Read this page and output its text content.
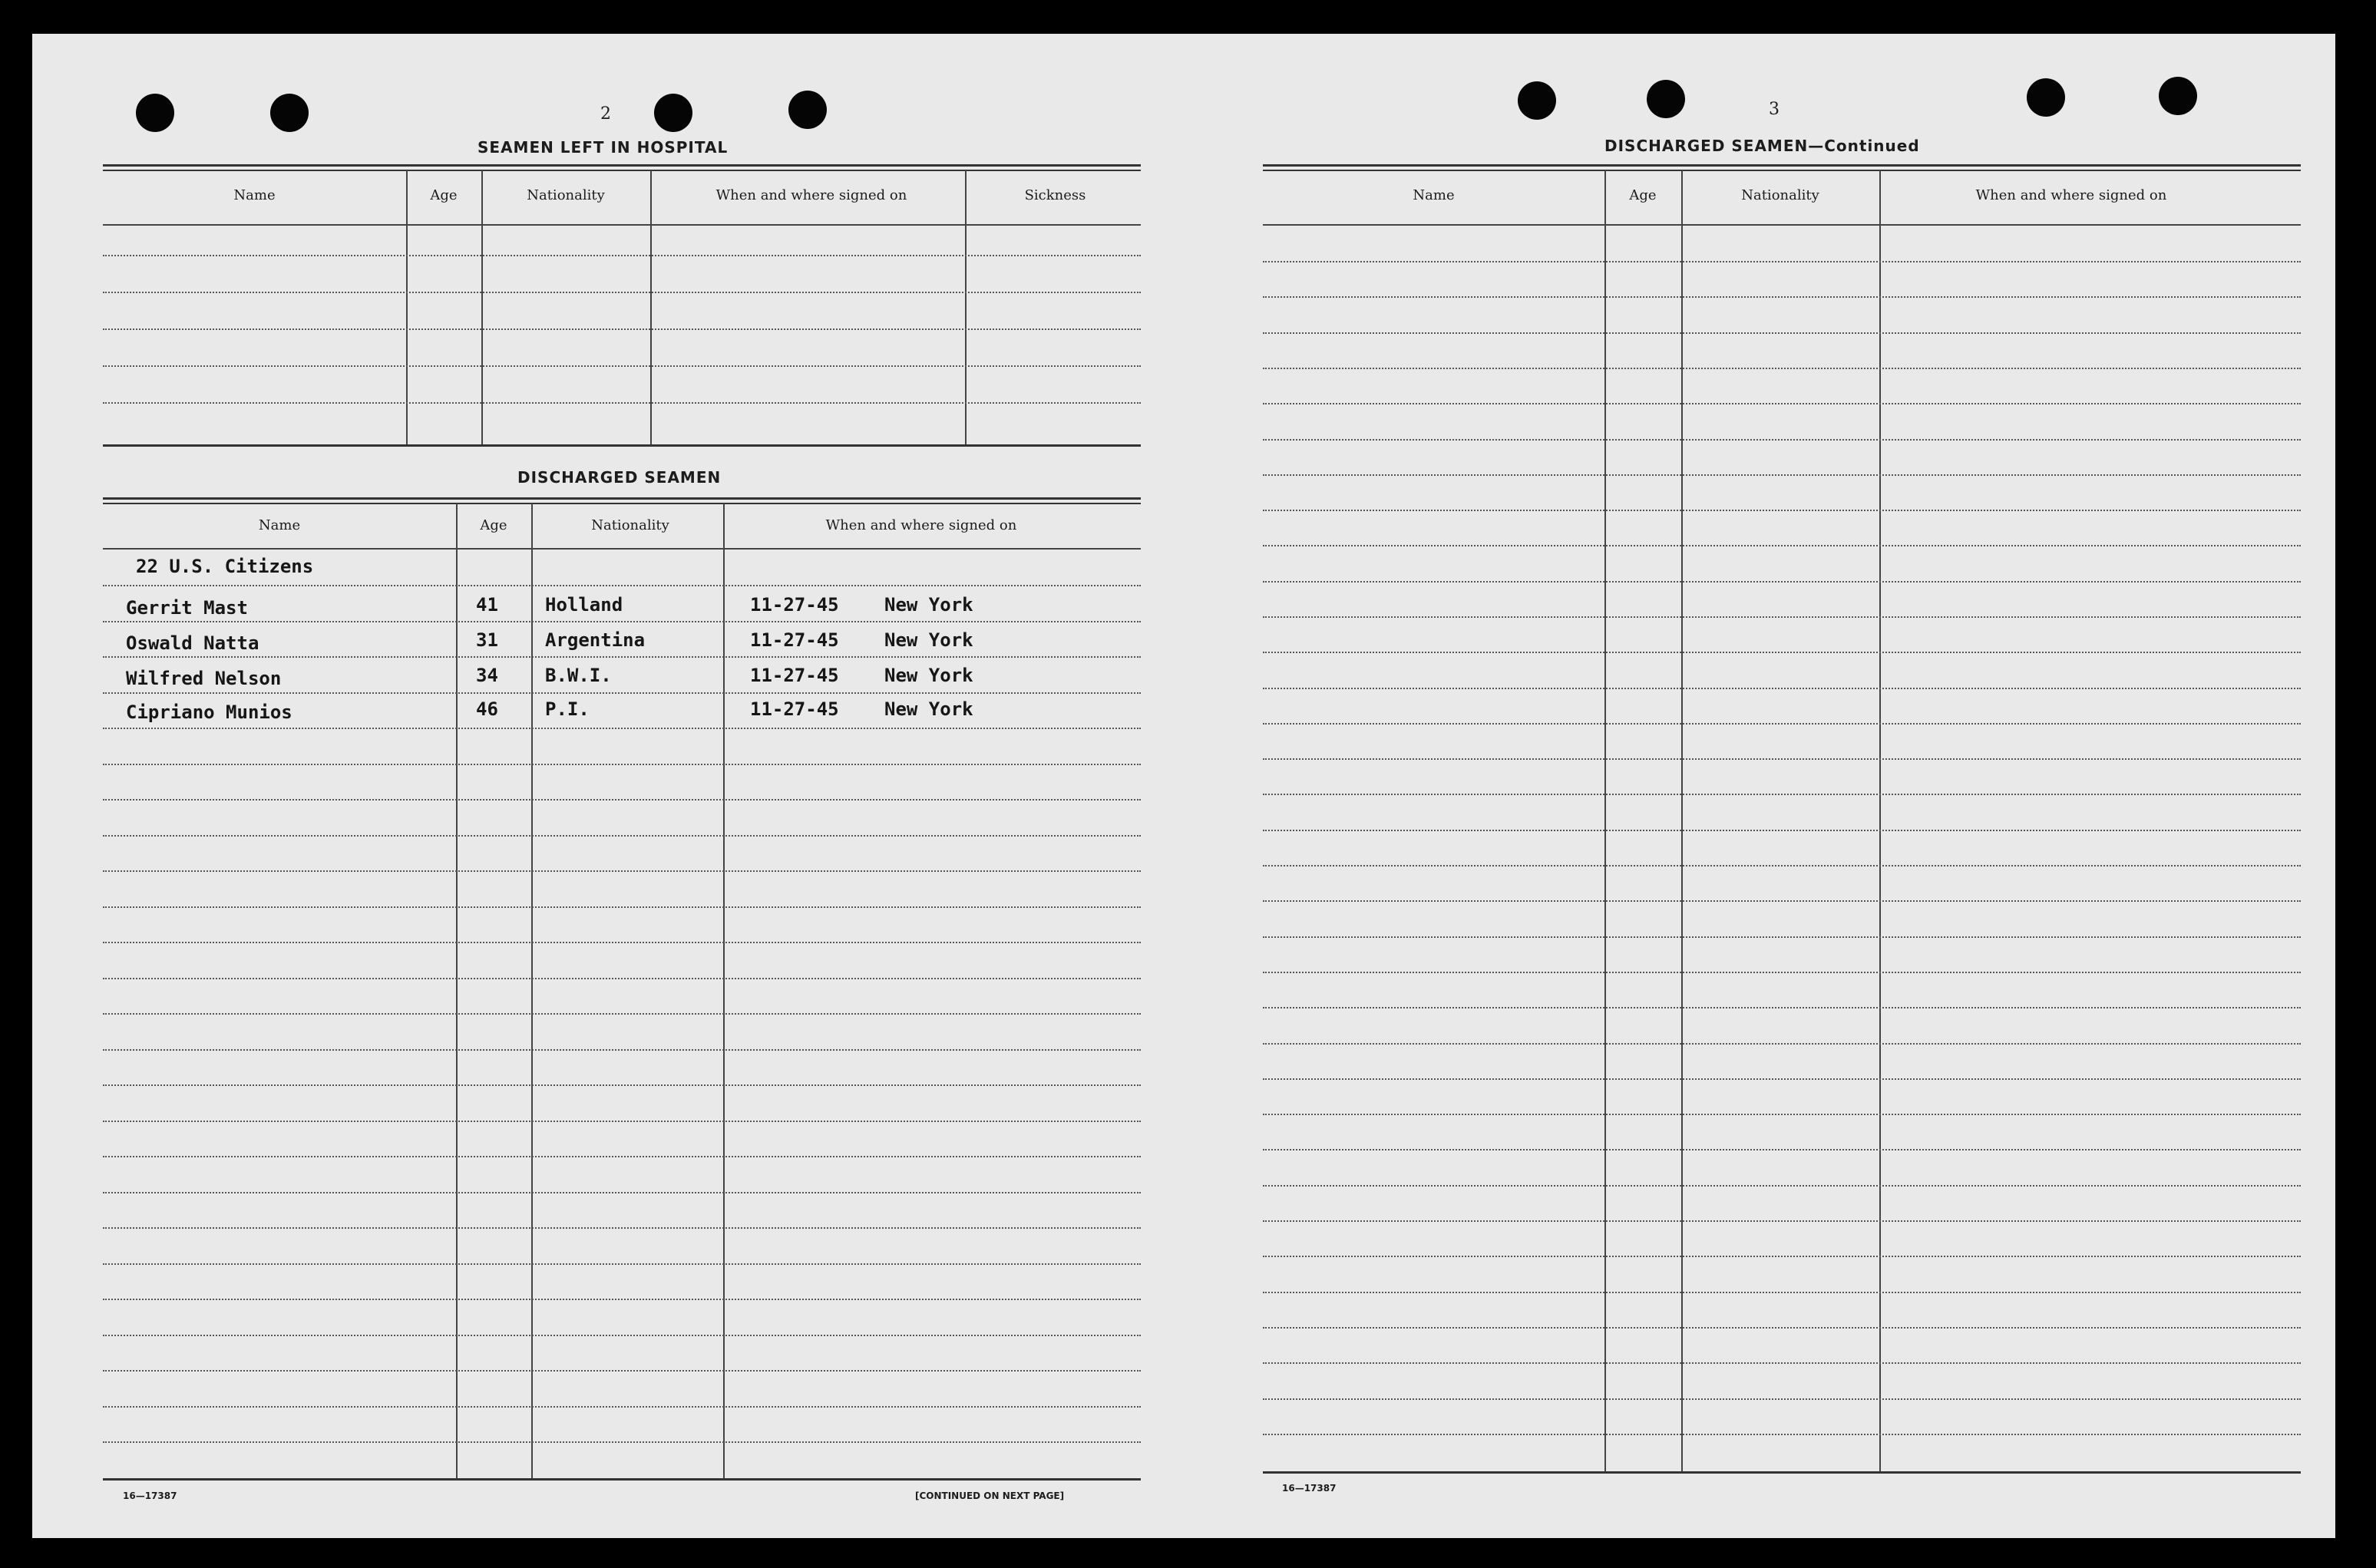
2
SEAMEN LEFT IN HOSPITAL
Name	Age	Nationality	When and where signed on	Sickness
DISCHARGED SEAMEN
Name	Age	Nationality	When and where signed on
22 U.S. Citizens
Gerrit Mast	41	Holland	11-27-45 New York
Oswald Natta	31	Argentina	11-27-45 New York
Wilfred Nelson	34	B.W.I.	11-27-45 New York
Cipriano Munios	46	P.I.	11-27-45 New York
16—17387	[CONTINUED ON NEXT PAGE]
3
DISCHARGED SEAMEN—Continued
Name	Age	Nationality	When and where signed on
16—17387
